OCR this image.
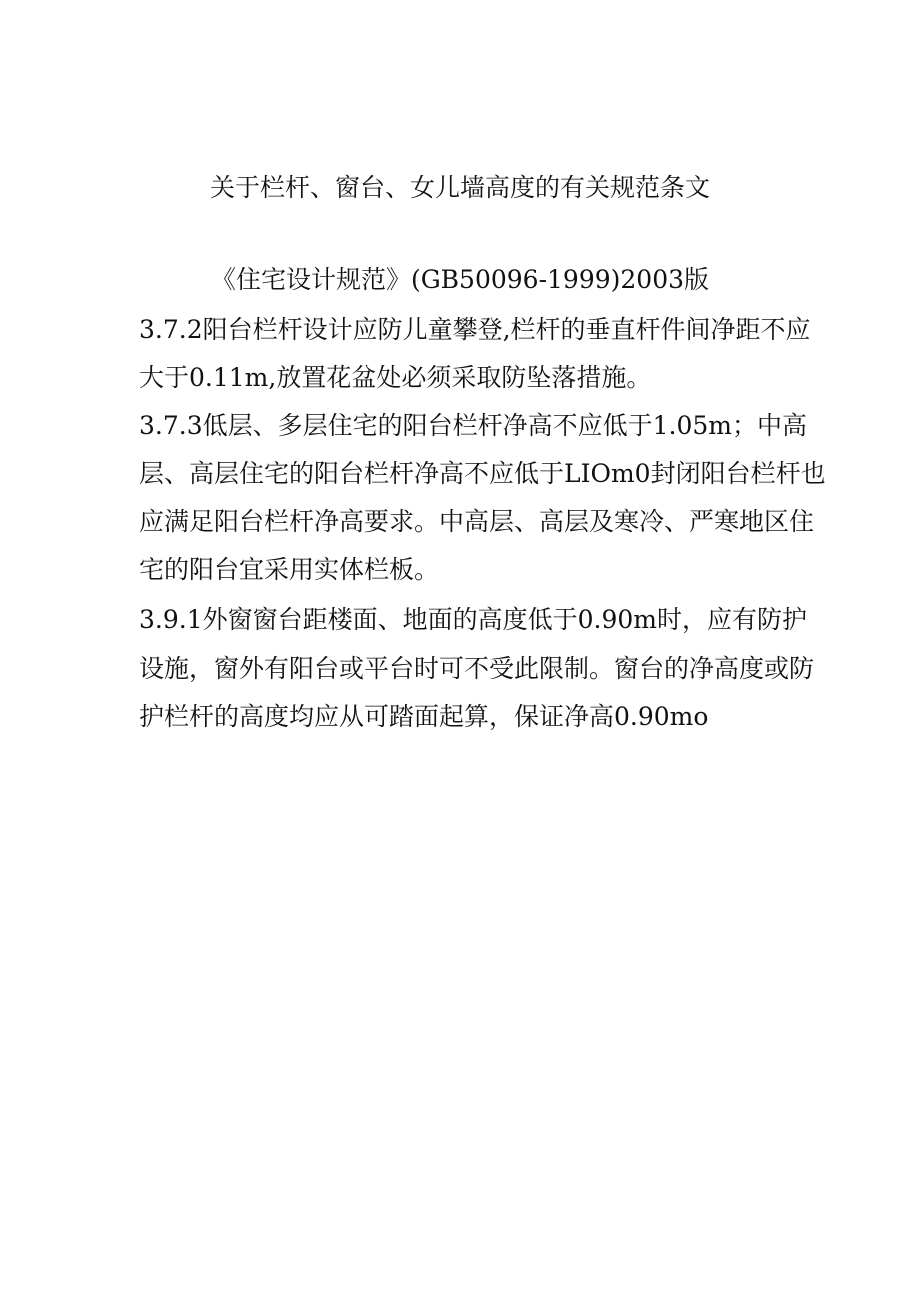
关于栏杆、窗台、女儿墙高度的有关规范条文
《住宅设计规范》(GB50096-1999)2003版
3.7.2阳台栏杆设计应防儿童攀登,栏杆的垂直杆件间净距不应
大于0.11m,放置花盆处必须采取防坠落措施。
3.7.3低层、多层住宅的阳台栏杆净高不应低于1.05m；中高
层、高层住宅的阳台栏杆净高不应低于LIOm0封闭阳台栏杆也
应满足阳台栏杆净高要求。中高层、高层及寒冷、严寒地区住
宅的阳台宜采用实体栏板。
3.9.1外窗窗台距楼面、地面的高度低于0.90m时，应有防护
设施，窗外有阳台或平台时可不受此限制。窗台的净高度或防
护栏杆的高度均应从可踏面起算，保证净高0.90mo
